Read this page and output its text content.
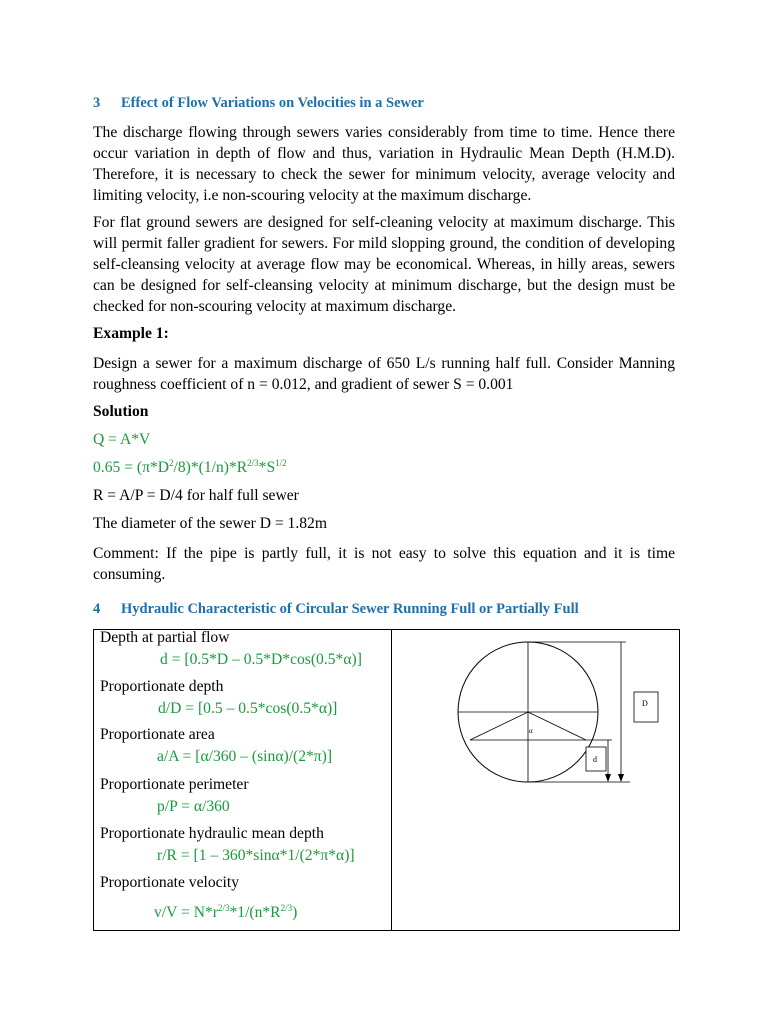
3 Effect of Flow Variations on Velocities in a Sewer
The discharge flowing through sewers varies considerably from time to time. Hence there occur variation in depth of flow and thus, variation in Hydraulic Mean Depth (H.M.D). Therefore, it is necessary to check the sewer for minimum velocity, average velocity and limiting velocity, i.e non-scouring velocity at the maximum discharge.
For flat ground sewers are designed for self-cleaning velocity at maximum discharge. This will permit faller gradient for sewers. For mild slopping ground, the condition of developing self-cleansing velocity at average flow may be economical. Whereas, in hilly areas, sewers can be designed for self-cleansing velocity at minimum discharge, but the design must be checked for non-scouring velocity at maximum discharge.
Example 1:
Design a sewer for a maximum discharge of 650 L/s running half full. Consider Manning roughness coefficient of n = 0.012, and gradient of sewer S = 0.001
Solution
Q = A*V
$0.65 = (\pi*D^2/8)*(1/n)*R^{2/3}*S^{1/2}$
R = A/P = D/4 for half full sewer
The diameter of the sewer D = 1.82m
Comment: If the pipe is partly full, it is not easy to solve this equation and it is time consuming.
4 Hydraulic Characteristic of Circular Sewer Running Full or Partially Full
Depth at partial flow
d = [0.5*D – 0.5*D*cos(0.5*α)]
Proportionate depth
d/D = [0.5 – 0.5*cos(0.5*α)]
Proportionate area
a/A = [α/360 – (sinα)/(2*π)]
Proportionate perimeter
p/P = α/360
Proportionate hydraulic mean depth
r/R = [1 – 360*sinα*1/(2*π*α)]
Proportionate velocity
$v/V = N*r^{2/3}*1/(n*R^{2/3})$
α
D
d
